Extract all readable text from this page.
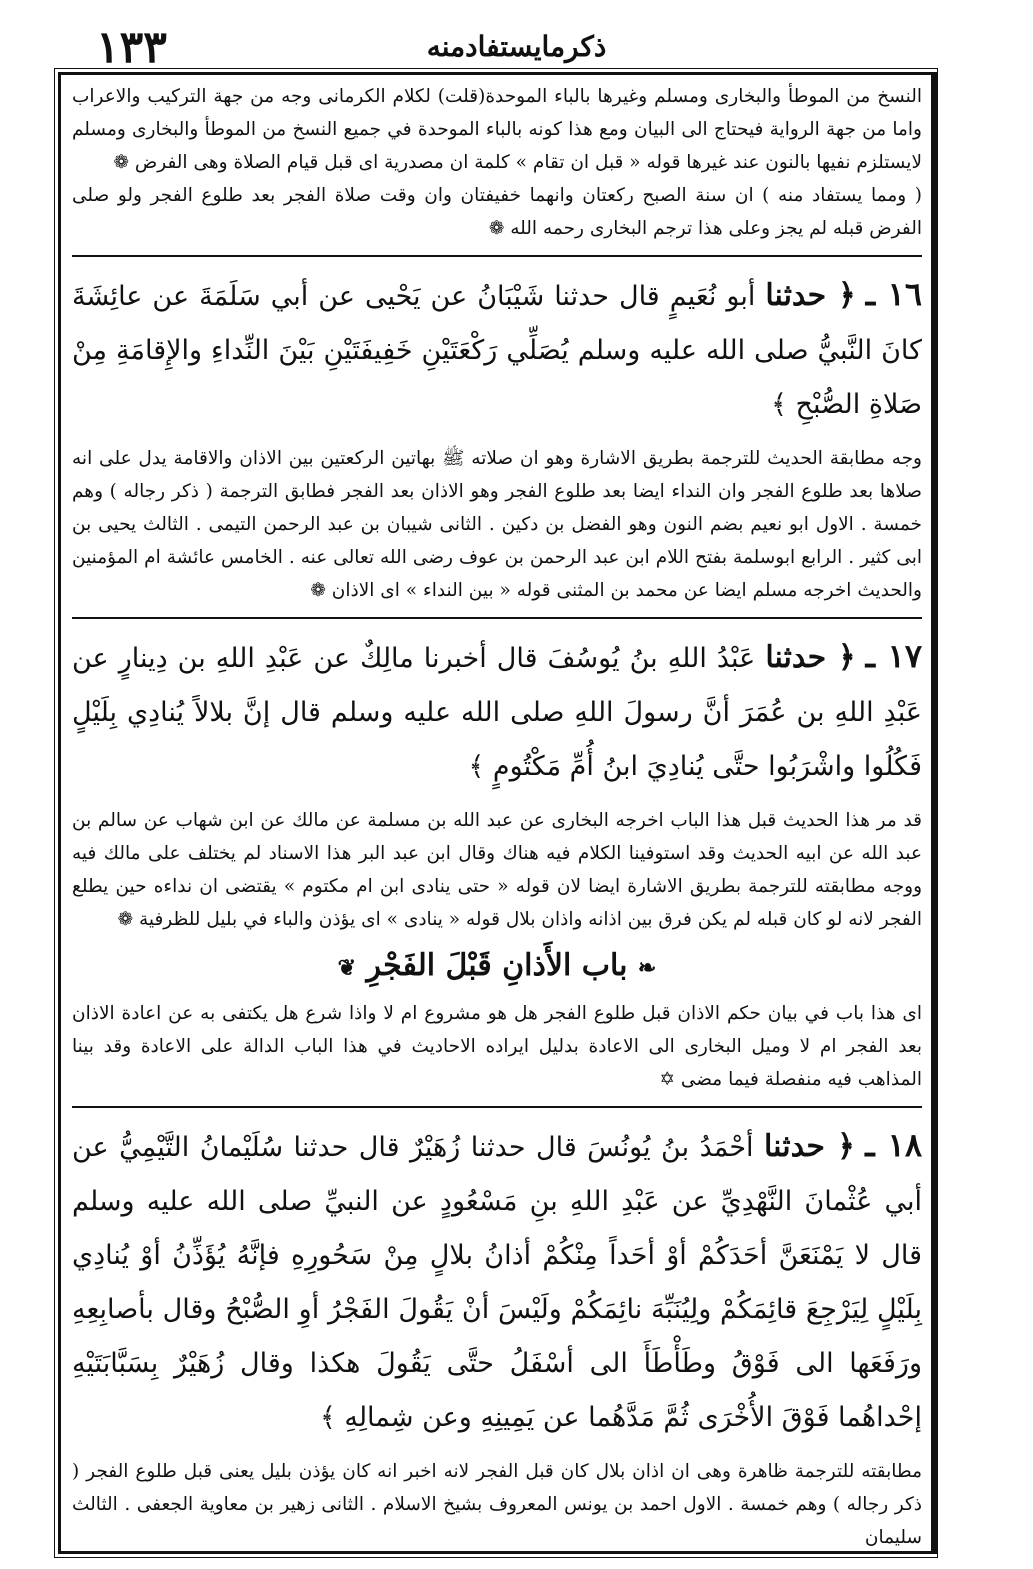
١٣٣	ذكرمايستفادمنه

النسخ من الموطأ والبخارى ومسلم وغيرها بالباء الموحدة(قلت) لكلام الكرمانى وجه من جهة التركيب والاعراب واما من جهة الرواية فيحتاج الى البيان ومع هذا كونه بالباء الموحدة في جميع النسخ من الموطأ والبخارى ومسلم لايستلزم نفيها بالنون عند غيرها قوله « قبل ان تقام » كلمة ان مصدرية اى قبل قيام الصلاة وهى الفرض ❁

( ومما يستفاد منه ) ان سنة الصبح ركعتان وانهما خفيفتان وان وقت صلاة الفجر بعد طلوع الفجر ولو صلى الفرض قبله لم يجز وعلى هذا ترجم البخارى رحمه الله ❁

١٦ ـ ﴿ حدثنا أبو نُعَيمٍ قال حدثنا شَيْبَانُ عن يَحْيى عن أبي سَلَمَةَ عن عائِشَةَ كانَ النَّبيُّ صلى الله عليه وسلم يُصَلِّي رَكْعَتَيْنِ خَفِيفَتَيْنِ بَيْنَ النِّداءِ والإِقامَةِ مِنْ صَلاةِ الصُّبْحِ ﴾

وجه مطابقة الحديث للترجمة بطريق الاشارة وهو ان صلاته ﷺ بهاتين الركعتين بين الاذان والاقامة يدل على انه صلاها بعد طلوع الفجر وان النداء ايضا بعد طلوع الفجر وهو الاذان بعد الفجر فطابق الترجمة ( ذكر رجاله ) وهم خمسة . الاول ابو نعيم بضم النون وهو الفضل بن دكين . الثانى شيبان بن عبد الرحمن التيمى . الثالث يحيى بن ابى كثير . الرابع ابوسلمة بفتح اللام ابن عبد الرحمن بن عوف رضى الله تعالى عنه . الخامس عائشة ام المؤمنين والحديث اخرجه مسلم ايضا عن محمد بن المثنى قوله « بين النداء » اى الاذان ❁

١٧ ـ ﴿ حدثنا عَبْدُ اللهِ بنُ يُوسُفَ قال أخبرنا مالِكٌ عن عَبْدِ اللهِ بن دِينارٍ عن عَبْدِ اللهِ بن عُمَرَ أنَّ رسولَ اللهِ صلى الله عليه وسلم قال إنَّ بلالاً يُنادِي بِلَيْلٍ فَكُلُوا واشْرَبُوا حتَّى يُنادِيَ ابنُ أُمِّ مَكْتُومٍ ﴾

قد مر هذا الحديث قبل هذا الباب اخرجه البخارى عن عبد الله بن مسلمة عن مالك عن ابن شهاب عن سالم بن عبد الله عن ابيه الحديث وقد استوفينا الكلام فيه هناك وقال ابن عبد البر هذا الاسناد لم يختلف على مالك فيه ووجه مطابقته للترجمة بطريق الاشارة ايضا لان قوله « حتى ينادى ابن ام مكتوم » يقتضى ان نداءه حين يطلع الفجر لانه لو كان قبله لم يكن فرق بين اذانه واذان بلال قوله « ينادى » اى يؤذن والباء في بليل للظرفية ❁

❧ باب الأَذانِ قَبْلَ الفَجْرِ ❦

اى هذا باب في بيان حكم الاذان قبل طلوع الفجر هل هو مشروع ام لا واذا شرع هل يكتفى به عن اعادة الاذان بعد الفجر ام لا وميل البخارى الى الاعادة بدليل ايراده الاحاديث في هذا الباب الدالة على الاعادة وقد بينا المذاهب فيه منفصلة فيما مضى ✡

١٨ ـ ﴿ حدثنا أحْمَدُ بنُ يُونُسَ قال حدثنا زُهَيْرٌ قال حدثنا سُلَيْمانُ التَّيْمِيُّ عن أبي عُثْمانَ النَّهْدِيِّ عن عَبْدِ اللهِ بنِ مَسْعُودٍ عن النبيِّ صلى الله عليه وسلم قال لا يَمْنَعَنَّ أحَدَكُمْ أوْ أحَداً مِنْكُمْ أذانُ بلالٍ مِنْ سَحُورِهِ فإنَّهُ يُؤَذِّنُ أوْ يُنادِي بِلَيْلٍ لِيَرْجِعَ قائِمَكُمْ ولِيُنَبِّهَ نائِمَكُمْ ولَيْسَ أنْ يَقُولَ الفَجْرُ أوِ الصُّبْحُ وقال بأصابِعِهِ ورَفَعَها الى فَوْقُ وطَأْطَأَ الى أسْفَلُ حتَّى يَقُولَ هكذا وقال زُهَيْرٌ بِسَبَّابَتَيْهِ إحْداهُما فَوْقَ الأُخْرَى ثُمَّ مَدَّهُما عن يَمِينِهِ وعن شِمالِهِ ﴾

مطابقته للترجمة ظاهرة وهى ان اذان بلال كان قبل الفجر لانه اخبر انه كان يؤذن بليل يعنى قبل طلوع الفجر ( ذكر رجاله ) وهم خمسة . الاول احمد بن يونس المعروف بشيخ الاسلام . الثانى زهير بن معاوية الجعفى . الثالث سليمان
